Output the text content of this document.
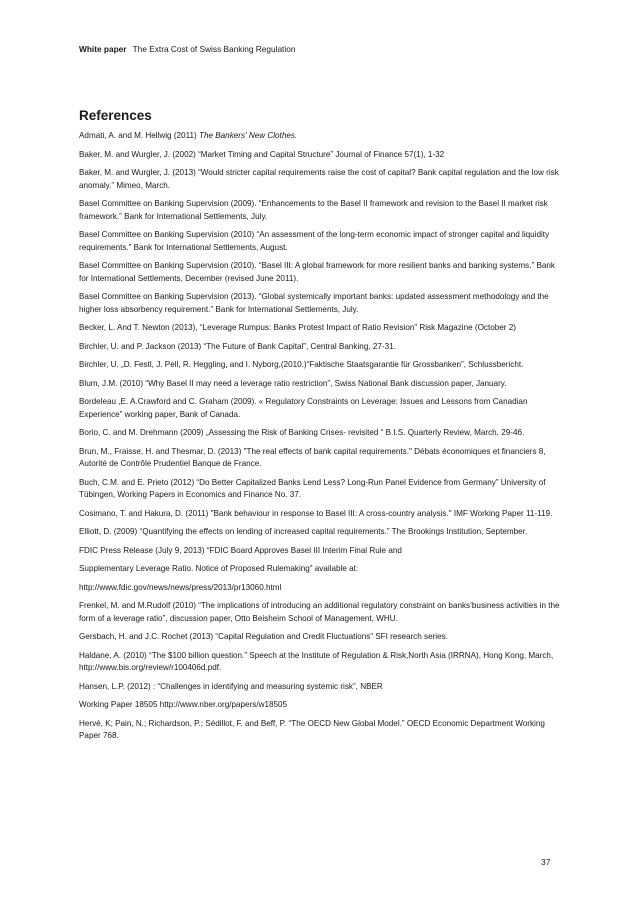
White paper The Extra Cost of Swiss Banking Regulation
References
Admati, A. and M. Hellwig (2011) The Bankers' New Clothes.
Baker, M. and Wurgler, J. (2002) “Market Timing and Capital Structure” Journal of Finance 57(1), 1-32
Baker, M. and Wurgler, J. (2013) “Would stricter capital requirements raise the cost of capital? Bank capital regulation and the low risk anomaly.” Mimeo, March.
Basel Committee on Banking Supervision (2009). “Enhancements to the Basel II framework and revision to the Basel II market risk framework.” Bank for International Settlements, July.
Basel Committee on Banking Supervision (2010) “An assessment of the long-term economic impact of stronger capital and liquidity requirements.” Bank for International Settlements, August.
Basel Committee on Banking Supervision (2010). “Basel III: A global framework for more resilient banks and banking systems.” Bank for International Settlements, December (revised June 2011).
Basel Committee on Banking Supervision (2013). “Global systemically important banks: updated assessment methodology and the higher loss absorbency requirement.” Bank for International Settlements, July.
Becker, L. And T. Newton (2013), “Leverage Rumpus: Banks Protest Impact of Ratio Revision” Risk Magazine (October 2)
Birchler, U. and P. Jackson (2013) “The Future of Bank Capital”, Central Banking, 27-31.
Birchler, U. „D. Festl, J. Pell, R. Heggling, and I. Nyborg,(2010.)“Faktische Staatsgarantie für Grossbanken”, Schlussbericht.
Blum, J.M. (2010) “Why Basel II may need a leverage ratio restriction”, Swiss National Bank discussion paper, January.
Bordeleau ,E. A.Crawford and C. Graham (2009). « Regulatory Constraints on Leverage: Issues and Lessons from Canadian Experience” working paper, Bank of Canada.
Borio, C. and M. Drehmann (2009) „Assessing the Risk of Banking Crises- revisited “ B.I.S. Quarterly Review, March, 29-46.
Brun, M., Fraisse, H. and Thesmar, D. (2013) "The real effects of bank capital requirements." Débats économiques et financiers 8, Autorité de Contrôle Prudentiel Banque de France.
Buch, C.M. and E. Prieto (2012) “Do Better Capitalized Banks Lend Less? Long-Run Panel Evidence from Germany” University of Tübingen, Working Papers in Economics and Finance No. 37.
Cosimano, T. and Hakura, D. (2011) "Bank behaviour in response to Basel III: A cross-country analysis." IMF Working Paper 11-119.
Elliott, D. (2009) “Quantifying the effects on lending of increased capital requirements.” The Brookings Institution, September.
FDIC Press Release (July 9, 2013) “FDIC Board Approves Basel III Interim Final Rule and
Supplementary Leverage Ratio. Notice of Proposed Rulemaking” available at:
http://www.fdic.gov/news/news/press/2013/pr13060.html
Frenkel, M. and M.Rudolf (2010) “The implications of introducing an additional regulatory constraint on banks’business activities in the form of a leverage ratio”, discussion paper, Otto Beisheim School of Management, WHU.
Gersbach, H. and J.C. Rochet (2013) “Capital Regulation and Credit Fluctuations” SFI research series.
Haldane, A. (2010) “The $100 billion question.” Speech at the Institute of Regulation & Risk,North Asia (IRRNA), Hong Kong, March, http://www.bis.org/review/r100406d.pdf.
Hansen, L.P. (2012) : “Challenges in identifying and measuring systemic risk”, NBER
Working Paper 18505 http://www.nber.org/papers/w18505
Hervé, K; Pain, N.; Richardson, P.; Sédillot, F. and Beff, P. “The OECD New Global Model.” OECD Economic Department Working Paper 768.
37
